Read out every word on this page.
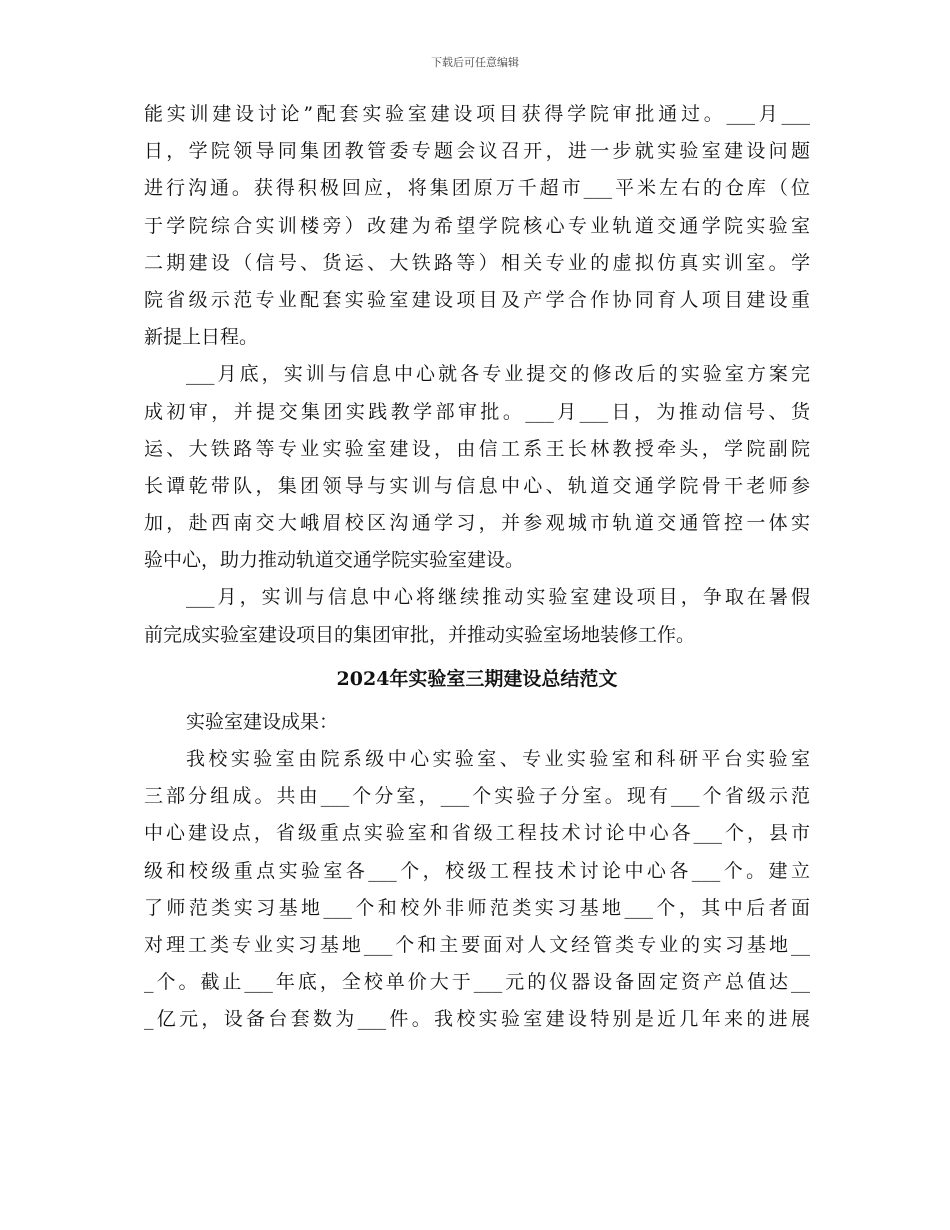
下载后可任意编辑
能实训建设讨论”配套实验室建设项目获得学院审批通过。___月___
日，学院领导同集团教管委专题会议召开，进一步就实验室建设问题
进行沟通。获得积极回应，将集团原万千超市___平米左右的仓库（位
于学院综合实训楼旁）改建为希望学院核心专业轨道交通学院实验室
二期建设（信号、货运、大铁路等）相关专业的虚拟仿真实训室。学
院省级示范专业配套实验室建设项目及产学合作协同育人项目建设重
新提上日程。
___月底，实训与信息中心就各专业提交的修改后的实验室方案完
成初审，并提交集团实践教学部审批。___月___日，为推动信号、货
运、大铁路等专业实验室建设，由信工系王长林教授牵头，学院副院
长谭乾带队，集团领导与实训与信息中心、轨道交通学院骨干老师参
加，赴西南交大峨眉校区沟通学习，并参观城市轨道交通管控一体实
验中心，助力推动轨道交通学院实验室建设。
___月，实训与信息中心将继续推动实验室建设项目，争取在暑假
前完成实验室建设项目的集团审批，并推动实验室场地装修工作。
2024年实验室三期建设总结范文
实验室建设成果：
我校实验室由院系级中心实验室、专业实验室和科研平台实验室
三部分组成。共由___个分室，___个实验子分室。现有___个省级示范
中心建设点，省级重点实验室和省级工程技术讨论中心各___个，县市
级和校级重点实验室各___个，校级工程技术讨论中心各___个。建立
了师范类实习基地___个和校外非师范类实习基地___个，其中后者面
对理工类专业实习基地___个和主要面对人文经管类专业的实习基地__
_个。截止___年底，全校单价大于___元的仪器设备固定资产总值达__
_亿元，设备台套数为___件。我校实验室建设特别是近几年来的进展
